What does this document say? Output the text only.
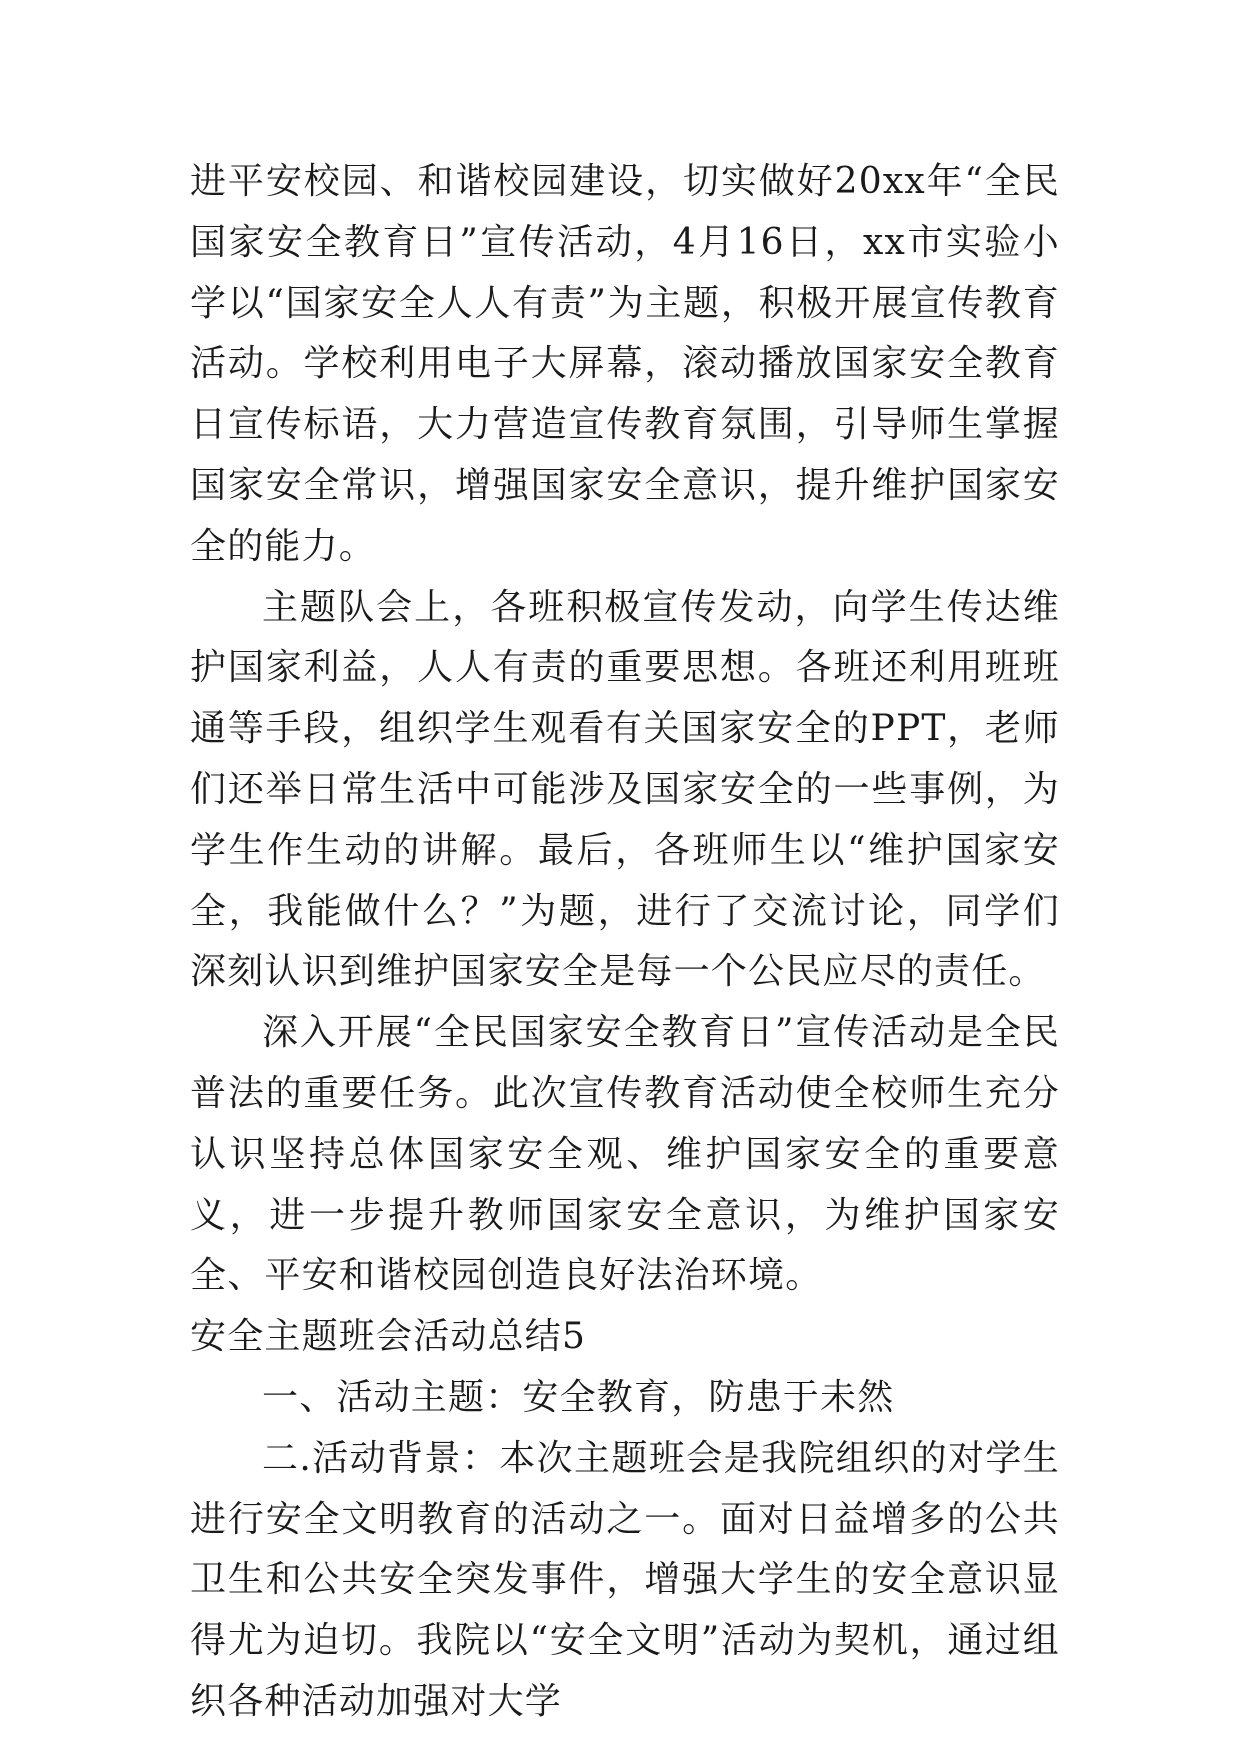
进平安校园、和谐校园建设，切实做好20xx年“全民国家安全教育日”宣传活动，4月16日，xx市实验小学以“国家安全人人有责”为主题，积极开展宣传教育活动。学校利用电子大屏幕，滚动播放国家安全教育日宣传标语，大力营造宣传教育氛围，引导师生掌握国家安全常识，增强国家安全意识，提升维护国家安全的能力。

主题队会上，各班积极宣传发动，向学生传达维护国家利益，人人有责的重要思想。各班还利用班班通等手段，组织学生观看有关国家安全的PPT，老师们还举日常生活中可能涉及国家安全的一些事例，为学生作生动的讲解。最后，各班师生以“维护国家安全，我能做什么？”为题，进行了交流讨论，同学们深刻认识到维护国家安全是每一个公民应尽的责任。

深入开展“全民国家安全教育日”宣传活动是全民普法的重要任务。此次宣传教育活动使全校师生充分认识坚持总体国家安全观、维护国家安全的重要意义，进一步提升教师国家安全意识，为维护国家安全、平安和谐校园创造良好法治环境。

安全主题班会活动总结5

一、活动主题：安全教育，防患于未然

二.活动背景：本次主题班会是我院组织的对学生进行安全文明教育的活动之一。面对日益增多的公共卫生和公共安全突发事件，增强大学生的安全意识显得尤为迫切。我院以“安全文明”活动为契机，通过组织各种活动加强对大学
